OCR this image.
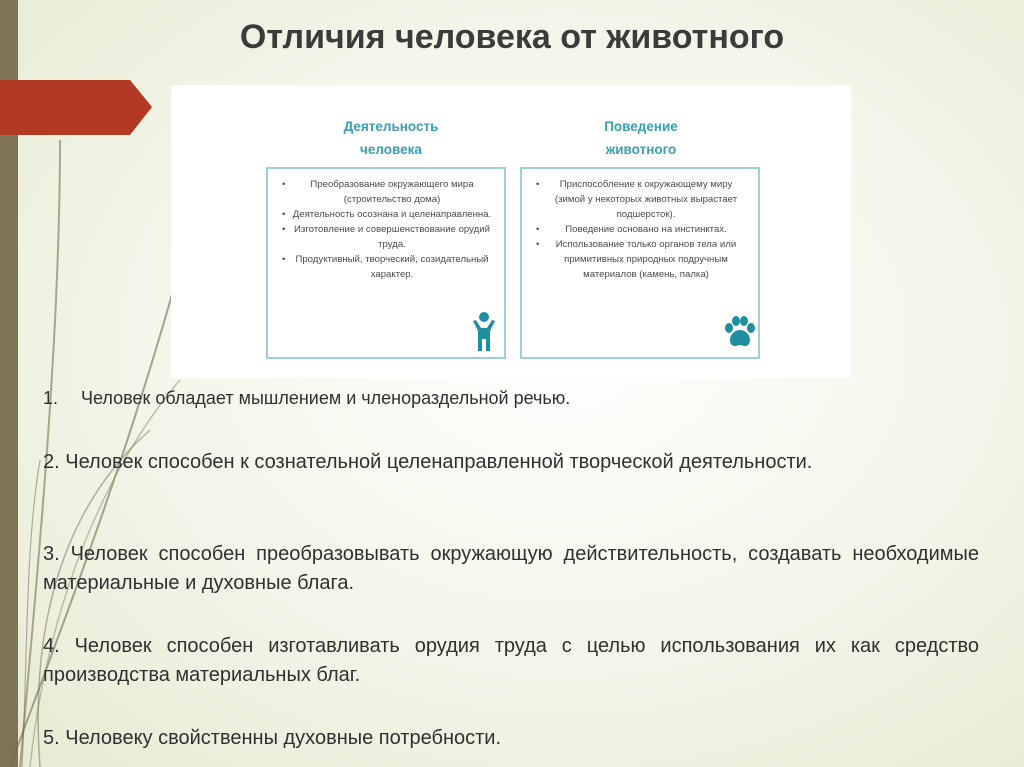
Отличия человека от животного
Деятельность
человека
Поведение
животного
• Преобразование окружающего мира (строительство дома)
• Деятельность осознана и целенаправленна.
• Изготовление и совершенствование орудий труда.
• Продуктивный, творческий, созидательный характер.
• Приспособление к окружающему миру (зимой у некоторых животных вырастает подшерсток).
• Поведение основано на инстинктах.
• Использование только органов тела или примитивных природных подручным материалов (камень, палка)

1. Человек обладает мышлением и членораздельной речью.

2. Человек способен к сознательной целенаправленной творческой деятельности.

3. Человек способен преобразовывать окружающую действительность, создавать необходимые материальные и духовные блага.

4. Человек способен изготавливать орудия труда с целью использования их как средство производства материальных благ.

5. Человеку свойственны духовные потребности.
